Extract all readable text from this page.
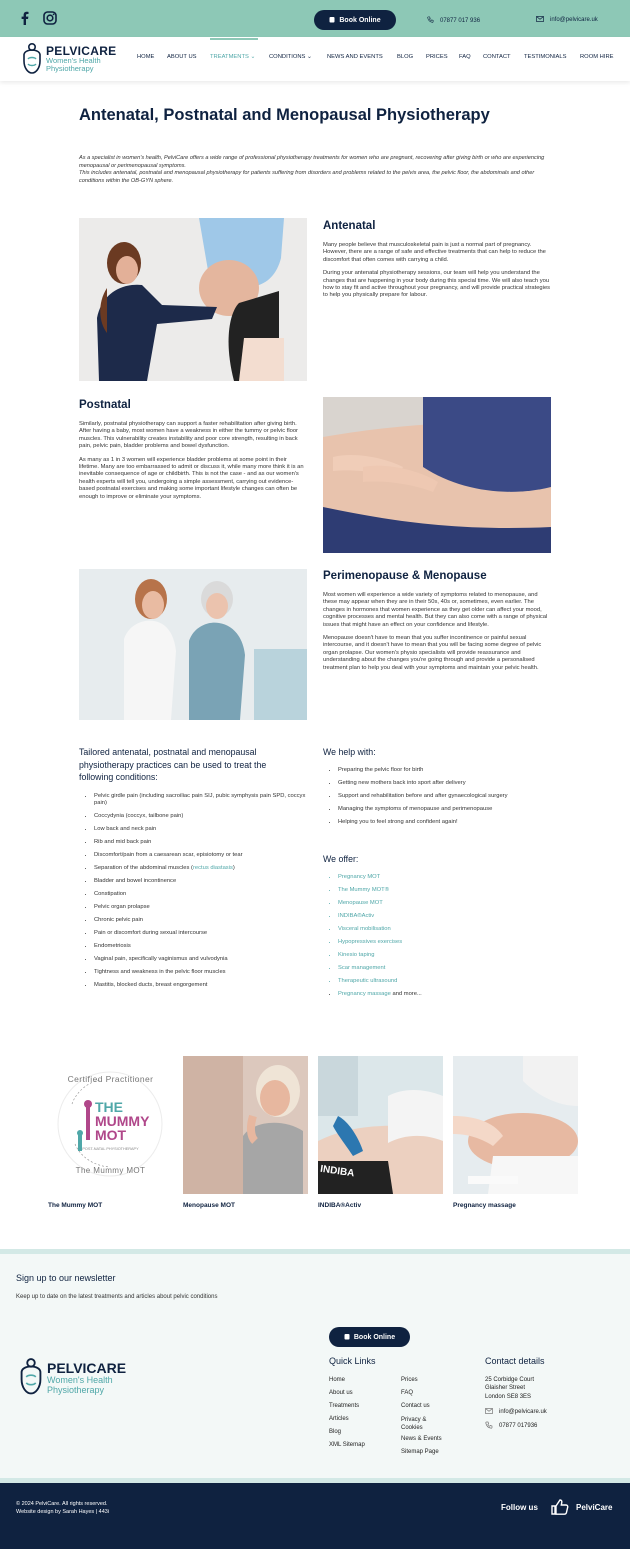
Book Online	07877 017 936	info@pelvicare.uk
PELVICARE
Women's Health
Physiotherapy
HOME ABOUT US TREATMENTS ⌄ CONDITIONS ⌄	NEWS AND EVENTS BLOG PRICES FAQ CONTACT TESTIMONIALS ROOM HIRE
Antenatal, Postnatal and Menopausal Physiotherapy

As a specialist in women's health, PelviCare offers a wide range of professional physiotherapy treatments for women who are pregnant, recovering after giving birth or who are experiencing menopausal or perimenopausal symptoms.

This includes antenatal, postnatal and menopausal physiotherapy for patients suffering from disorders and problems related to the pelvis area, the pelvic floor, the abdominals and other conditions within the OB-GYN sphere.

Antenatal

Many people believe that musculoskeletal pain is just a normal part of pregnancy. However, there are a range of safe and effective treatments that can help to reduce the discomfort that often comes with carrying a child.

During your antenatal physiotherapy sessions, our team will help you understand the changes that are happening in your body during this special time. We will also teach you how to stay fit and active throughout your pregnancy, and will provide practical strategies to help you physically prepare for labour.

Postnatal

Similarly, postnatal physiotherapy can support a faster rehabilitation after giving birth. After having a baby, most women have a weakness in either the tummy or pelvic floor muscles. This vulnerability creates instability and poor core strength, resulting in back pain, pelvic pain, bladder problems and bowel dysfunction.

As many as 1 in 3 women will experience bladder problems at some point in their lifetime. Many are too embarrassed to admit or discuss it, while many more think it is an inevitable consequence of age or childbirth. This is not the case - and as our women's health experts will tell you, undergoing a simple assessment, carrying out evidence-based postnatal exercises and making some important lifestyle changes can often be enough to improve or eliminate your symptoms.

Perimenopause & Menopause

Most women will experience a wide variety of symptoms related to menopause, and these may appear when they are in their 50s, 40s or, sometimes, even earlier. The changes in hormones that women experience as they get older can affect your mood, cognitive processes and mental health. But they can also come with a range of physical issues that might have an effect on your confidence and lifestyle.

Menopause doesn't have to mean that you suffer incontinence or painful sexual intercourse, and it doesn't have to mean that you will be facing some degree of pelvic organ prolapse. Our women's physio specialists will provide reassurance and understanding about the changes you're going through and provide a personalised treatment plan to help you deal with your symptoms and maintain your pelvic health.

Tailored antenatal, postnatal and menopausal physiotherapy practices can be used to treat the following conditions:
• Pelvic girdle pain (including sacroiliac pain SIJ, pubic symphysis pain SPD, coccyx pain)
• Coccydynia (coccyx, tailbone pain)
• Low back and neck pain
• Rib and mid back pain
• Discomfort/pain from a caesarean scar, episiotomy or tear
• Separation of the abdominal muscles (rectus diastasis)
• Bladder and bowel incontinence
• Constipation
• Pelvic organ prolapse
• Chronic pelvic pain
• Pain or discomfort during sexual intercourse
• Endometriosis
• Vaginal pain, specifically vaginismus and vulvodynia
• Tightness and weakness in the pelvic floor muscles
• Mastitis, blocked ducts, breast engorgement
We help with:
• Preparing the pelvic floor for birth
• Getting new mothers back into sport after delivery
• Support and rehabilitation before and after gynaecological surgery
• Managing the symptoms of menopause and perimenopause
• Helping you to feel strong and confident again!
We offer:
• Pregnancy MOT
• The Mummy MOT®
• Menopause MOT
• INDIBA®Activ
• Visceral mobilisation
• Hypopressives exercises
• Kinesio taping
• Scar management
• Therapeutic ultrasound
• Pregnancy massage and more...
Certified Practitioner
THE
MUMMY
MOT
POST-NATAL PHYSIOTHERAPY
The Mummy MOT	INDIBA
The Mummy MOT	Menopause MOT	INDIBA®Activ	Pregnancy massage
Sign up to our newsletter
Keep up to date on the latest treatments and articles about pelvic conditions
Book Online
PELVICARE
Women's Health
Physiotherapy
Quick Links
Home
About us
Treatments
Articles
Blog
XML Sitemap
Prices
FAQ
Contact us
Privacy &
Cookies
News & Events
Sitemap Page
Contact details
25 Corbidge Court
Glaisher Street
London SE8 3ES
info@pelvicare.uk
07877 017936
© 2024 PelviCare. All rights reserved.
Website design by Sarah Hayes | 443i	Follow us	PelviCare
